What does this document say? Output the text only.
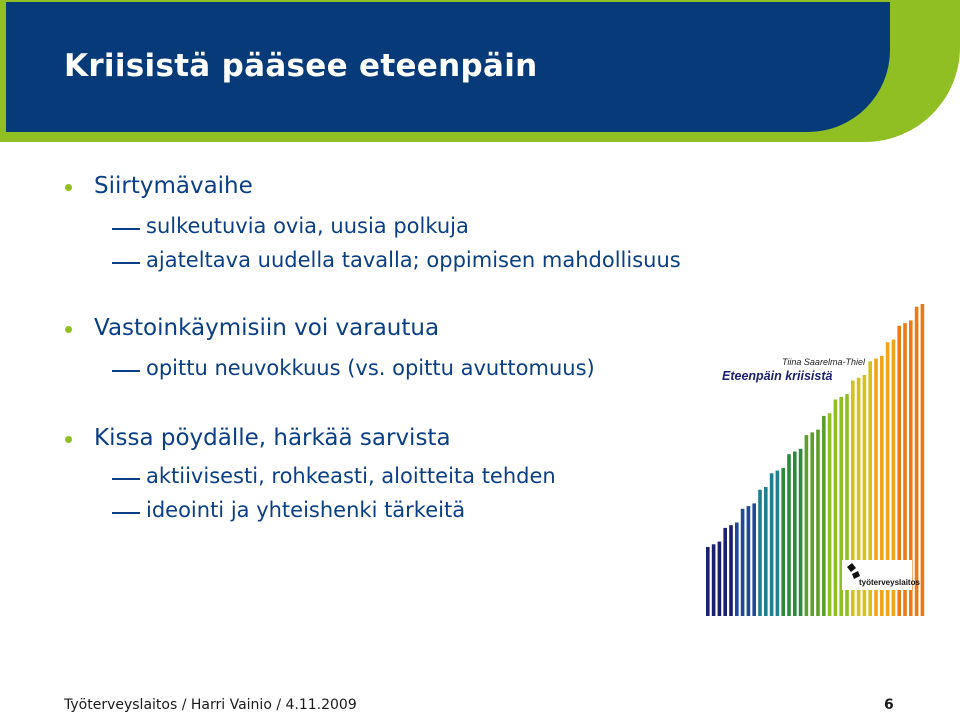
Kriisistä pääsee eteenpäin
Siirtymävaihe
sulkeutuvia ovia, uusia polkuja
ajateltava uudella tavalla; oppimisen mahdollisuus
Vastoinkäymisiin voi varautua
opittu neuvokkuus (vs. opittu avuttomuus)
Kissa pöydälle, härkää sarvista
aktiivisesti, rohkeasti, aloitteita tehden
ideointi ja yhteishenki tärkeitä
Tiina Saarelma-Thiel
Eteenpäin kriisistä
työterveyslaitos
Työterveyslaitos / Harri Vainio / 4.11.2009	6
